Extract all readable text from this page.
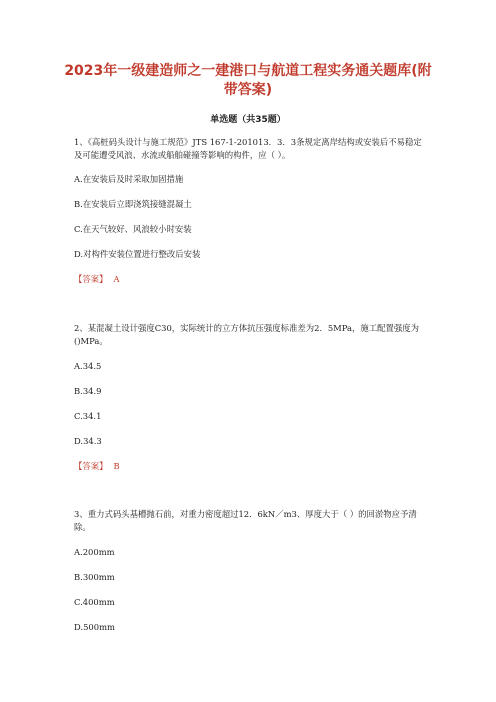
2023年一级建造师之一建港口与航道工程实务通关题库(附带答案)
单选题（共35题）
1、《高桩码头设计与施工规范》JTS 167-1-201013．3．3条规定离岸结构或安装后不易稳定及可能遭受风浪、水流或船舶碰撞等影响的构件，应（ ）。
A.在安装后及时采取加固措施
B.在安装后立即浇筑接缝混凝土
C.在天气较好、风浪较小时安装
D.对构件安装位置进行整改后安装
【答案】 A
2、某混凝土设计强度C30，实际统计的立方体抗压强度标准差为2．5MPa，施工配置强度为()MPa。
A.34.5
B.34.9
C.34.1
D.34.3
【答案】 B
3、重力式码头基槽抛石前，对重力密度超过12．6kN／m3、厚度大于（ ）的回淤物应予清除。
A.200mm
B.300mm
C.400mm
D.500mm
